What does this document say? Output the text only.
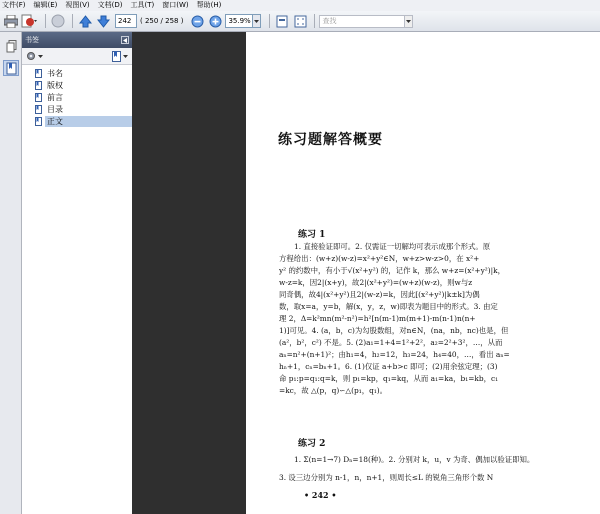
文件(F) 编辑(E) 视图(V) 文档(D) 工具(T) 窗口(W) 帮助(H)
242	( 250 / 258 )	35.9%	查找
书签
书名
版权
前言
目录
正文
练习题解答概要
练习 1
1. 直接验证即可。2. 仅需证一切解均可表示成那个形式。原
方程给出：(w+z)(w-z)=x²+y²∈N，w+z>w-z>0，在 x²+
y² 的约数中，有小于√(x²+y²) 的，记作 k，那么 w+z=(x²+y²)|k，
w-z=k，因2|(x+y)，故2|(x²+y²)=(w+z)(w-z)，则w与z
同奇偶，故4|(x²+y²)且2|(w-z)=k，因此[(x²+y²)|k±k]为偶
数，取x=a，y=b，解(x，y，z，w)即表为题目中的形式。3. 由定
理 2，Δ=k²mn(m²-n²)=h²[n(m-1)m(m+1)-m(n-1)n(n+
1)]可见。4. (a，b，c)为勾股数组，对n∈N，(na，nb，nc)也是，但
(a²，b²，c²) 不是。5. (2)a₁=1+4=1²+2²，a₂=2²+3²，…，从而
aₙ=n²+(n+1)²；由h₁=4，h₂=12，h₃=24，h₄=40，…，看出 aₙ=
hₙ+1，cₙ=bₙ+1。6. (1)仅证 a+b>c 即可；(2)用余弦定理；(3)
命 p₁:p=q₁:q=k，则 p₁=kp，q₁=kq，从而 a₁=ka，b₁=kb，c₁
=kc，故 △(p，q)∽△(p₁，q₁)。
练习 2
1. Σ(n=1→7) Dₙ=18(种)。2. 分别对 k，u，v 为奇、偶加以验证即知。
3. 设三边分别为 n-1，n，n+1，则周长≤L 的锐角三角形个数 N
• 242 •
